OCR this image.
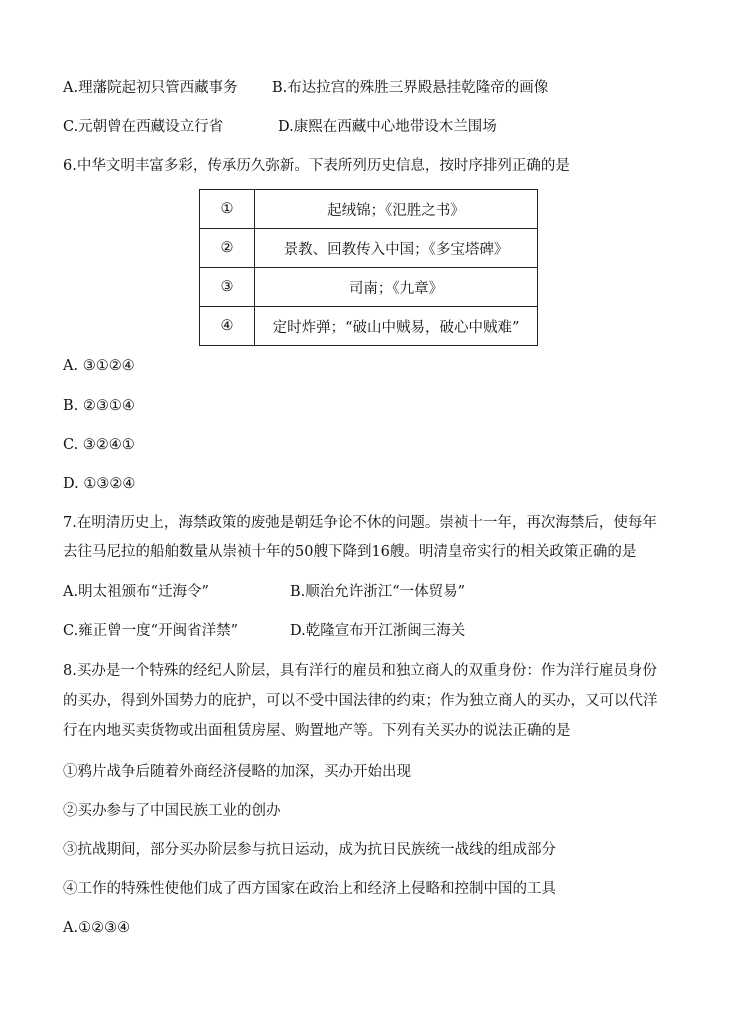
A.理藩院起初只管西藏事务 B.布达拉宫的殊胜三界殿悬挂乾隆帝的画像
C.元朝曾在西藏设立行省	D.康熙在西藏中心地带设木兰围场
6.中华文明丰富多彩，传承历久弥新。下表所列历史信息，按时序排列正确的是
①	起绒锦；《氾胜之书》
②	景教、回教传入中国；《多宝塔碑》
③	司南；《九章》
④	定时炸弹；“破山中贼易，破心中贼难”
A. ③①②④
B. ②③①④
C. ③②④①
D. ①③②④
7.在明清历史上，海禁政策的废弛是朝廷争论不休的问题。崇祯十一年，再次海禁后，使每年
去往马尼拉的船舶数量从崇祯十年的50艘下降到16艘。明清皇帝实行的相关政策正确的是
A.明太祖颁布“迁海令”	B.顺治允许浙江“一体贸易”
C.雍正曾一度“开闽省洋禁”	D.乾隆宣布开江浙闽三海关
8.买办是一个特殊的经纪人阶层，具有洋行的雇员和独立商人的双重身份：作为洋行雇员身份
的买办，得到外国势力的庇护，可以不受中国法律的约束；作为独立商人的买办，又可以代洋
行在内地买卖货物或出面租赁房屋、购置地产等。下列有关买办的说法正确的是
①鸦片战争后随着外商经济侵略的加深，买办开始出现
②买办参与了中国民族工业的创办
③抗战期间，部分买办阶层参与抗日运动，成为抗日民族统一战线的组成部分
④工作的特殊性使他们成了西方国家在政治上和经济上侵略和控制中国的工具
A.①②③④
